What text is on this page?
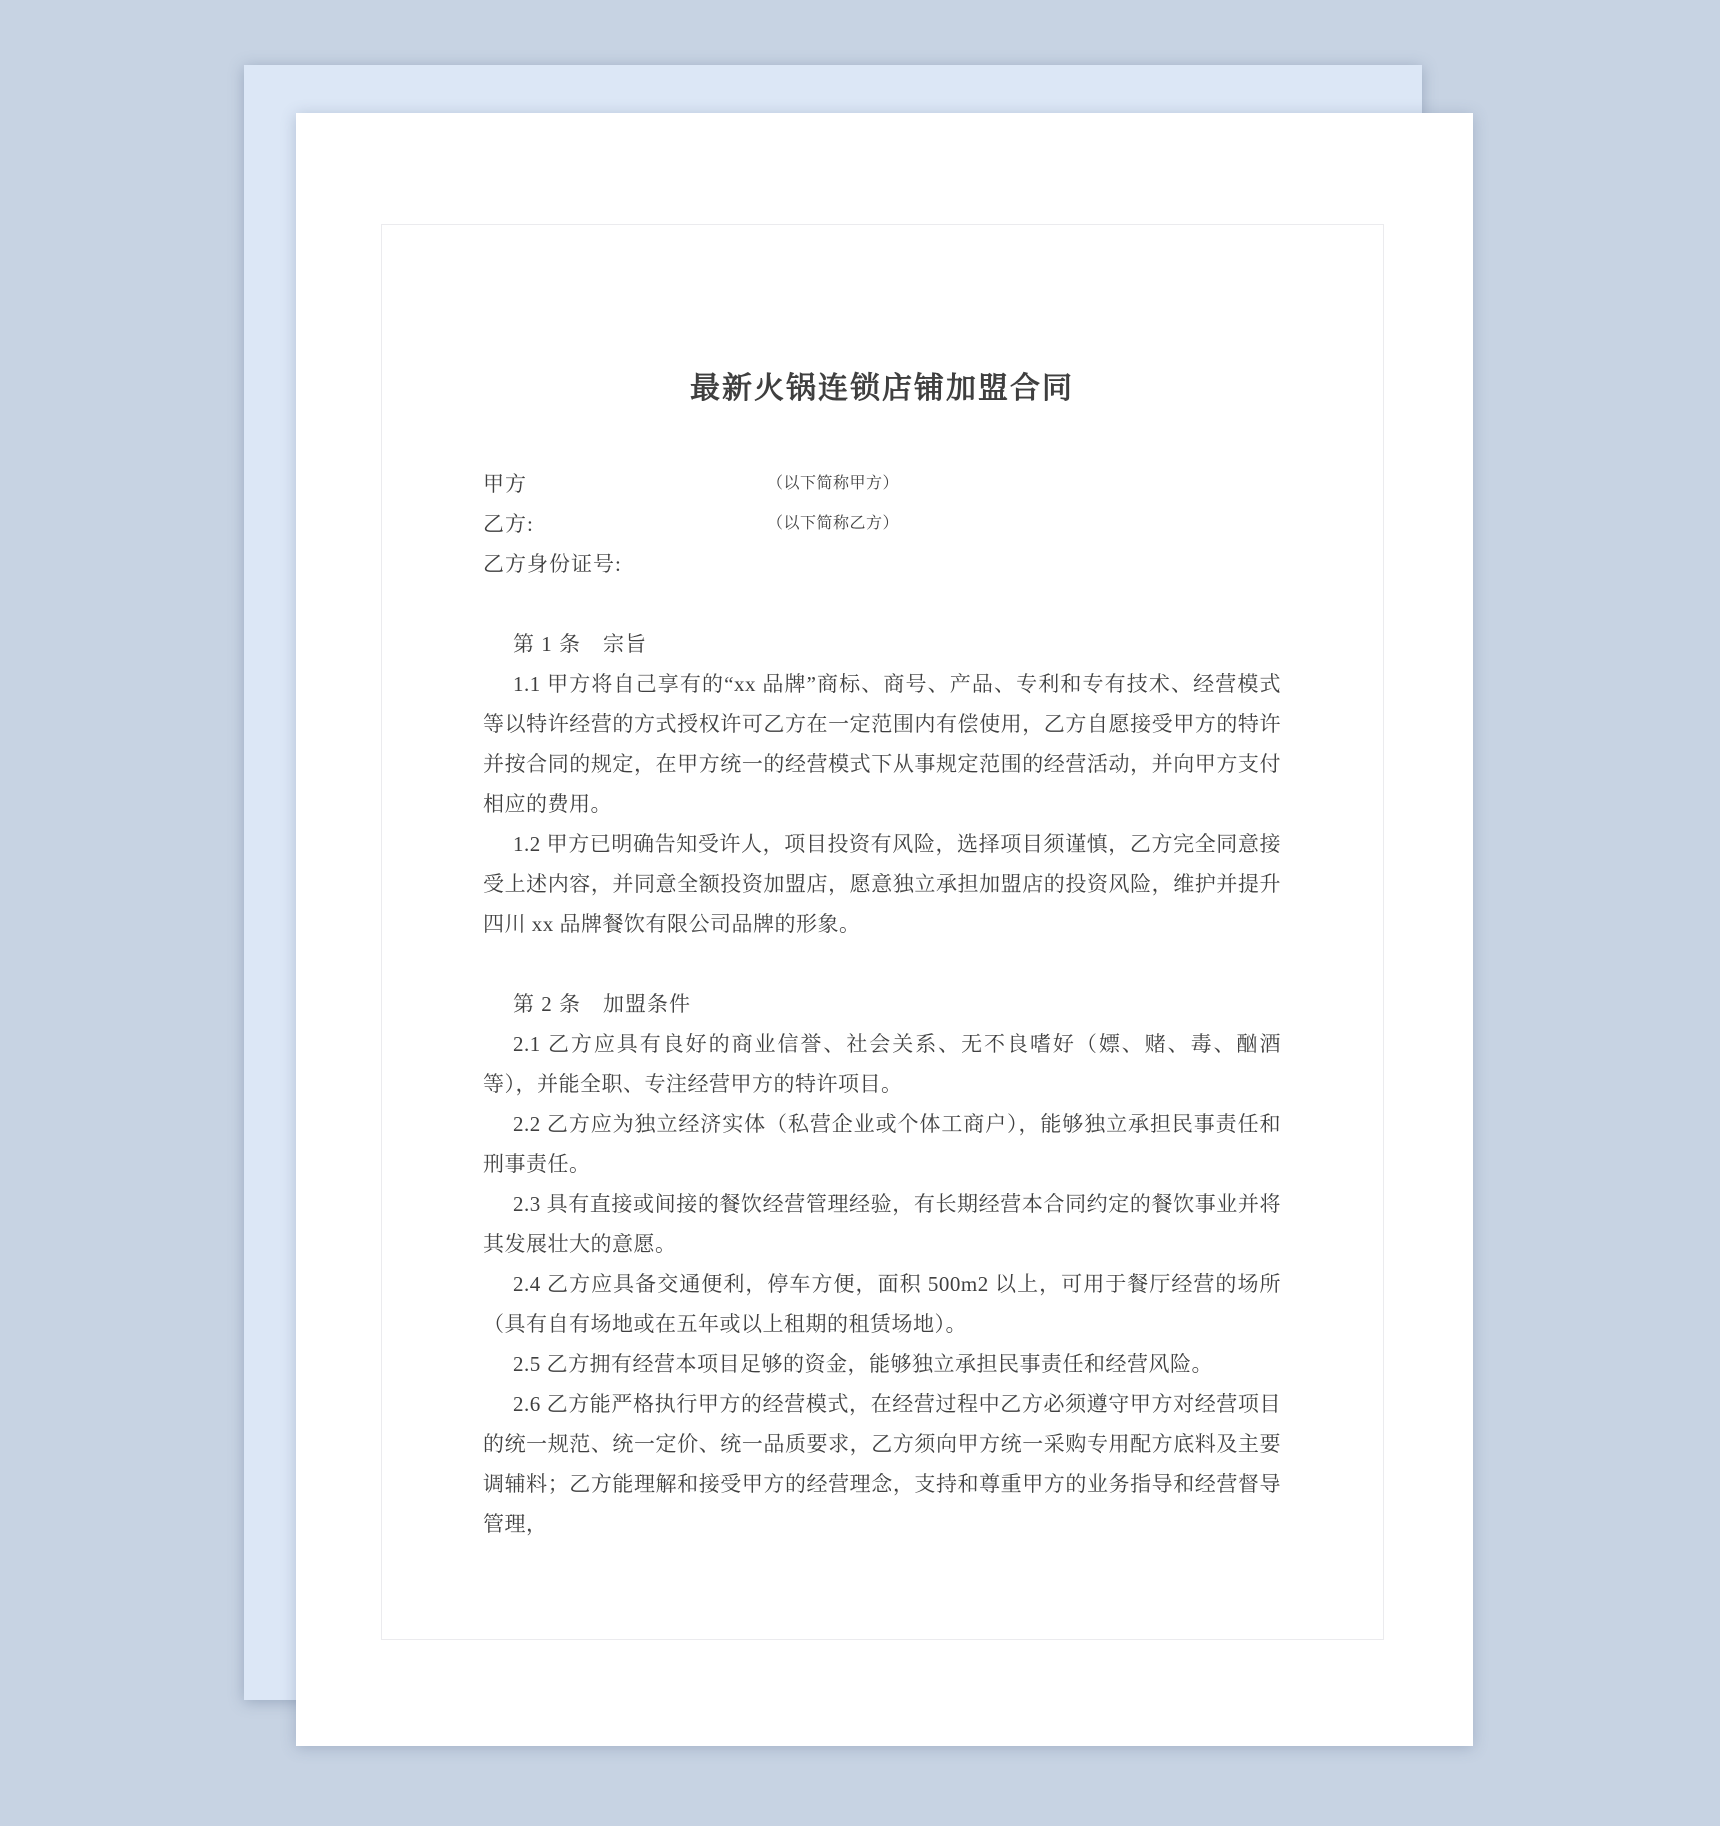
最新火锅连锁店铺加盟合同
甲方	（以下简称甲方）
乙方:	（以下简称乙方）
乙方身份证号:
第 1 条　宗旨

1.1 甲方将自己享有的“xx 品牌”商标、商号、产品、专利和专有技术、经营模式等以特许经营的方式授权许可乙方在一定范围内有偿使用，乙方自愿接受甲方的特许并按合同的规定，在甲方统一的经营模式下从事规定范围的经营活动，并向甲方支付相应的费用。

1.2 甲方已明确告知受许人，项目投资有风险，选择项目须谨慎，乙方完全同意接受上述内容，并同意全额投资加盟店，愿意独立承担加盟店的投资风险，维护并提升四川 xx 品牌餐饮有限公司品牌的形象。

第 2 条　加盟条件

2.1 乙方应具有良好的商业信誉、社会关系、无不良嗜好（嫖、赌、毒、酗酒等），并能全职、专注经营甲方的特许项目。

2.2 乙方应为独立经济实体（私营企业或个体工商户），能够独立承担民事责任和刑事责任。

2.3 具有直接或间接的餐饮经营管理经验，有长期经营本合同约定的餐饮事业并将其发展壮大的意愿。

2.4 乙方应具备交通便利，停车方便，面积 500m2 以上，可用于餐厅经营的场所（具有自有场地或在五年或以上租期的租赁场地）。

2.5 乙方拥有经营本项目足够的资金，能够独立承担民事责任和经营风险。

2.6 乙方能严格执行甲方的经营模式，在经营过程中乙方必须遵守甲方对经营项目的统一规范、统一定价、统一品质要求，乙方须向甲方统一采购专用配方底料及主要调辅料；乙方能理解和接受甲方的经营理念，支持和尊重甲方的业务指导和经营督导管理，
